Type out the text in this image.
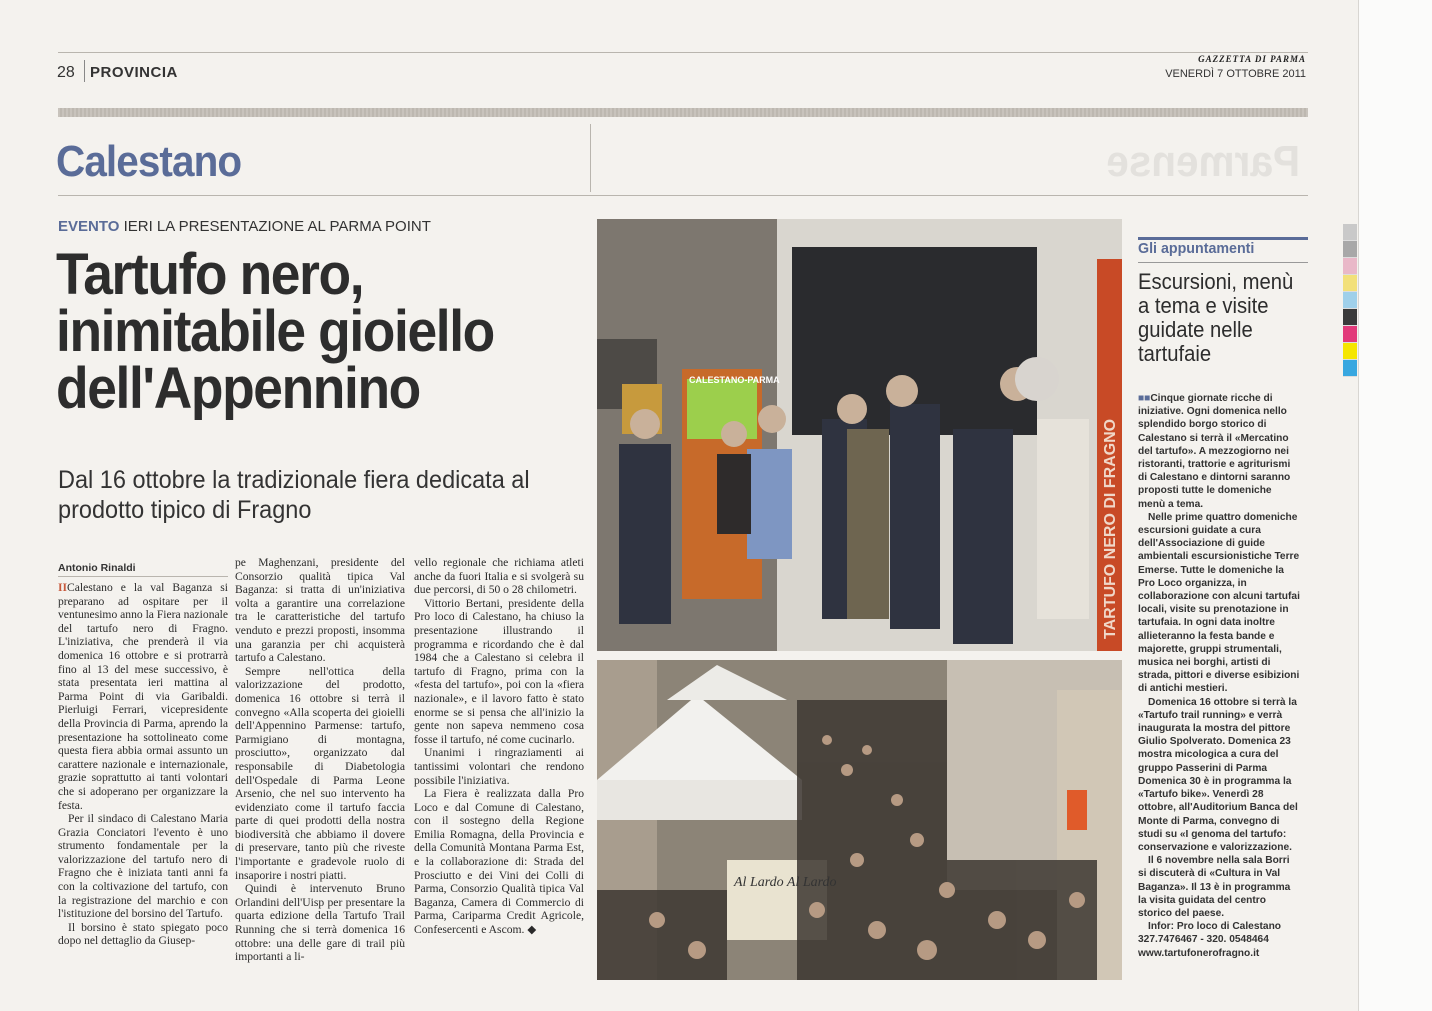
28 PROVINCIA
GAZZETTA DI PARMA
VENERDÌ 7 OTTOBRE 2011
Calestano	Parmense
EVENTO IERI LA PRESENTAZIONE AL PARMA POINT
Tartufo nero, inimitabile gioiello dell'Appennino
Dal 16 ottobre la tradizionale fiera dedicata al prodotto tipico di Fragno
Antonio Rinaldi

IICalestano e la val Baganza si preparano ad ospitare per il ventunesimo anno la Fiera nazionale del tartufo nero di Fragno. L'iniziativa, che prenderà il via domenica 16 ottobre e si protrarrà fino al 13 del mese successivo, è stata presentata ieri mattina al Parma Point di via Garibaldi. Pierluigi Ferrari, vicepresidente della Provincia di Parma, aprendo la presentazione ha sottolineato come questa fiera abbia ormai assunto un carattere nazionale e internazionale, grazie soprattutto ai tanti volontari che si adoperano per organizzare la festa.

Per il sindaco di Calestano Maria Grazia Conciatori l'evento è uno strumento fondamentale per la valorizzazione del tartufo nero di Fragno che è iniziata tanti anni fa con la coltivazione del tartufo, con la registrazione del marchio e con l'istituzione del borsino del Tartufo.

Il borsino è stato spiegato poco dopo nel dettaglio da Giusep-

pe Maghenzani, presidente del Consorzio qualità tipica Val Baganza: si tratta di un'iniziativa volta a garantire una correlazione tra le caratteristiche del tartufo venduto e prezzi proposti, insomma una garanzia per chi acquisterà tartufo a Calestano.

Sempre nell'ottica della valorizzazione del prodotto, domenica 16 ottobre si terrà il convegno «Alla scoperta dei gioielli dell'Appennino Parmense: tartufo, Parmigiano di montagna, prosciutto», organizzato dal responsabile di Diabetologia dell'Ospedale di Parma Leone Arsenio, che nel suo intervento ha evidenziato come il tartufo faccia parte di quei prodotti della nostra biodiversità che abbiamo il dovere di preservare, tanto più che riveste l'importante e gradevole ruolo di insaporire i nostri piatti.

Quindi è intervenuto Bruno Orlandini dell'Uisp per presentare la quarta edizione della Tartufo Trail Running che si terrà domenica 16 ottobre: una delle gare di trail più importanti a li-

vello regionale che richiama atleti anche da fuori Italia e si svolgerà su due percorsi, di 50 o 28 chilometri.

Vittorio Bertani, presidente della Pro loco di Calestano, ha chiuso la presentazione illustrando il programma e ricordando che è dal 1984 che a Calestano si celebra il tartufo di Fragno, prima con la «festa del tartufo», poi con la «fiera nazionale», e il lavoro fatto è stato enorme se si pensa che all'inizio la gente non sapeva nemmeno cosa fosse il tartufo, né come cucinarlo.

Unanimi i ringraziamenti ai tantissimi volontari che rendono possibile l'iniziativa.

La Fiera è realizzata dalla Pro Loco e dal Comune di Calestano, con il sostegno della Regione Emilia Romagna, della Provincia e della Comunità Montana Parma Est, e la collaborazione di: Strada del Prosciutto e dei Vini dei Colli di Parma, Consorzio Qualità tipica Val Baganza, Camera di Commercio di Parma, Cariparma Credit Agricole, Confesercenti e Ascom. ◆

CALESTANO-PARMA
TARTUFO NERO DI FRAGNO
Al Lardo Al Lardo
Gli appuntamenti
Escursioni, menù a tema e visite guidate nelle tartufaie

■■Cinque giornate ricche di iniziative. Ogni domenica nello splendido borgo storico di Calestano si terrà il «Mercatino del tartufo». A mezzogiorno nei ristoranti, trattorie e agriturismi di Calestano e dintorni saranno proposti tutte le domeniche menù a tema.

Nelle prime quattro domeniche escursioni guidate a cura dell'Associazione di guide ambientali escursionistiche Terre Emerse. Tutte le domeniche la Pro Loco organizza, in collaborazione con alcuni tartufai locali, visite su prenotazione in tartufaia. In ogni data inoltre allieteranno la festa bande e majorette, gruppi strumentali, musica nei borghi, artisti di strada, pittori e diverse esibizioni di antichi mestieri.

Domenica 16 ottobre si terrà la «Tartufo trail running» e verrà inaugurata la mostra del pittore Giulio Spolverato. Domenica 23 mostra micologica a cura del gruppo Passerini di Parma Domenica 30 è in programma la «Tartufo bike». Venerdì 28 ottobre, all'Auditorium Banca del Monte di Parma, convegno di studi su «I genoma del tartufo: conservazione e valorizzazione.

Il 6 novembre nella sala Borri si discuterà di «Cultura in Val Baganza». Il 13 è in programma la visita guidata del centro storico del paese.

Infor: Pro loco di Calestano 327.7476467 - 320. 0548464 www.tartufonerofragno.it
